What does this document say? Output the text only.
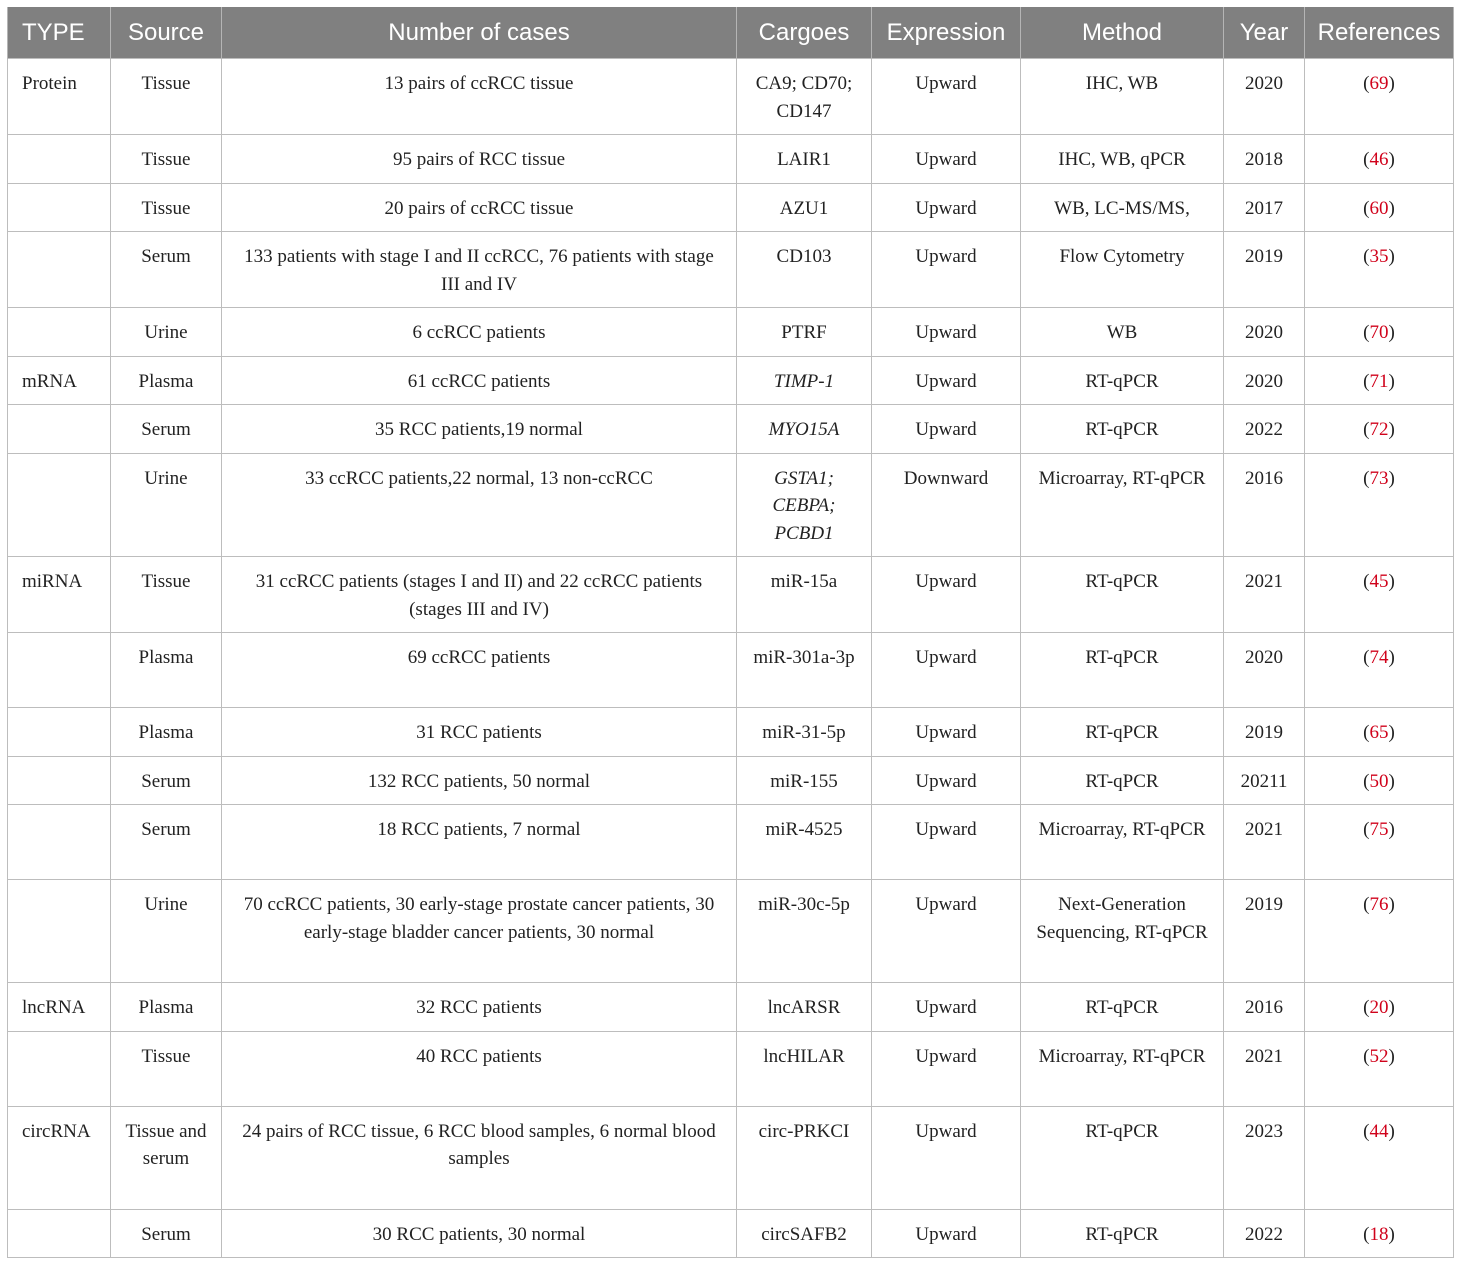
TYPE	Source	Number of cases	Cargoes	Expression	Method	Year	References
Protein	Tissue	13 pairs of ccRCC tissue	CA9; CD70; CD147	Upward	IHC, WB	2020	(69)
	Tissue	95 pairs of RCC tissue	LAIR1	Upward	IHC, WB, qPCR	2018	(46)
	Tissue	20 pairs of ccRCC tissue	AZU1	Upward	WB, LC-MS/MS,	2017	(60)
	Serum	133 patients with stage I and II ccRCC, 76 patients with stage III and IV	CD103	Upward	Flow Cytometry	2019	(35)
	Urine	6 ccRCC patients	PTRF	Upward	WB	2020	(70)
mRNA	Plasma	61 ccRCC patients	TIMP-1	Upward	RT-qPCR	2020	(71)
	Serum	35 RCC patients,19 normal	MYO15A	Upward	RT-qPCR	2022	(72)
	Urine	33 ccRCC patients,22 normal, 13 non-ccRCC	GSTA1; CEBPA; PCBD1	Downward	Microarray, RT-qPCR	2016	(73)
miRNA	Tissue	31 ccRCC patients (stages I and II) and 22 ccRCC patients (stages III and IV)	miR-15a	Upward	RT-qPCR	2021	(45)
	Plasma	69 ccRCC patients	miR-301a-3p	Upward	RT-qPCR	2020	(74)
	Plasma	31 RCC patients	miR-31-5p	Upward	RT-qPCR	2019	(65)
	Serum	132 RCC patients, 50 normal	miR-155	Upward	RT-qPCR	20211	(50)
	Serum	18 RCC patients, 7 normal	miR-4525	Upward	Microarray, RT-qPCR	2021	(75)
	Urine	70 ccRCC patients, 30 early-stage prostate cancer patients, 30 early-stage bladder cancer patients, 30 normal	miR-30c-5p	Upward	Next-Generation Sequencing, RT-qPCR	2019	(76)
lncRNA	Plasma	32 RCC patients	lncARSR	Upward	RT-qPCR	2016	(20)
	Tissue	40 RCC patients	lncHILAR	Upward	Microarray, RT-qPCR	2021	(52)
circRNA	Tissue and serum	24 pairs of RCC tissue, 6 RCC blood samples, 6 normal blood samples	circ-PRKCI	Upward	RT-qPCR	2023	(44)
	Serum	30 RCC patients, 30 normal	circSAFB2	Upward	RT-qPCR	2022	(18)
